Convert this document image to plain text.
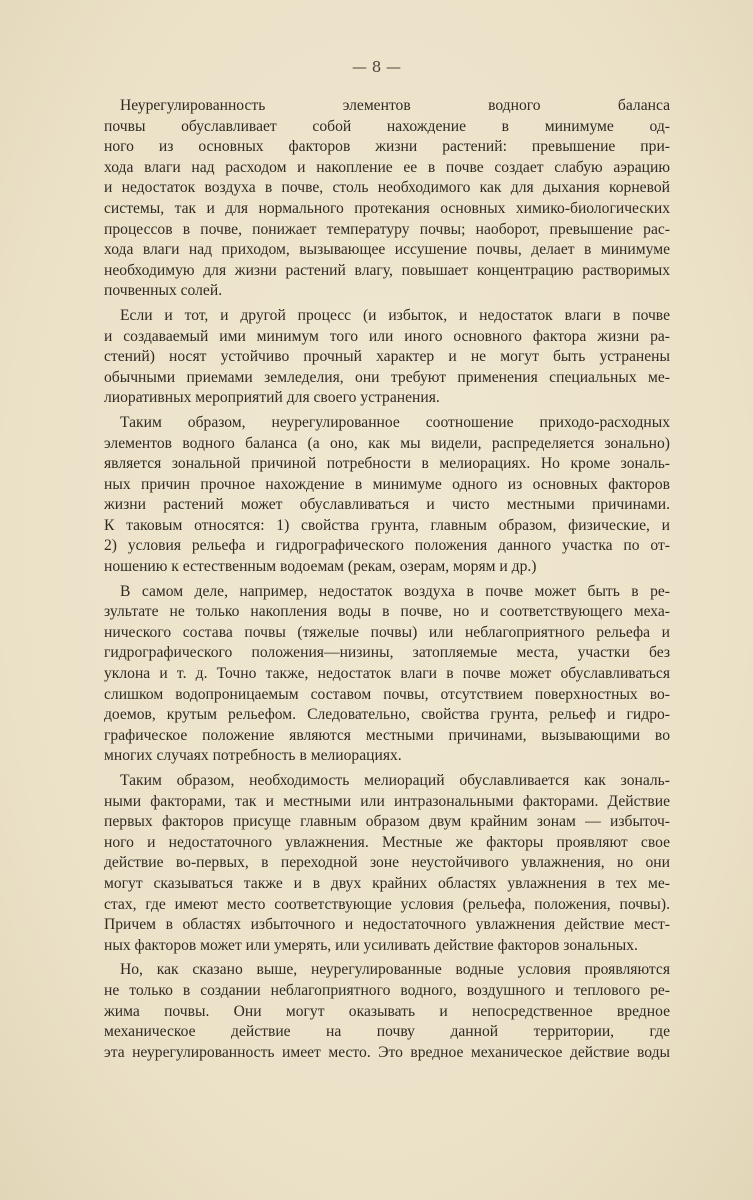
— 8 —
Неурегулированность элементов водного баланса
почвы обуславливает собой нахождение в минимуме од-
ного из основных факторов жизни растений: превышение при-
хода влаги над расходом и накопление ее в почве создает слабую аэрацию
и недостаток воздуха в почве, столь необходимого как для дыхания корневой
системы, так и для нормального протекания основных химико-биологических
процессов в почве, понижает температуру почвы; наоборот, превышение рас-
хода влаги над приходом, вызывающее иссушение почвы, делает в минимуме
необходимую для жизни растений влагу, повышает концентрацию растворимых
почвенных солей.
Если и тот, и другой процесс (и избыток, и недостаток влаги в почве
и создаваемый ими минимум того или иного основного фактора жизни ра-
стений) носят устойчиво прочный характер и не могут быть устранены
обычными приемами земледелия, они требуют применения специальных ме-
лиоративных мероприятий для своего устранения.
Таким образом, неурегулированное соотношение приходо-расходных
элементов водного баланса (а оно, как мы видели, распределяется зонально)
является зональной причиной потребности в мелиорациях. Но кроме зональ-
ных причин прочное нахождение в минимуме одного из основных факторов
жизни растений может обуславливаться и чисто местными причинами.
К таковым относятся: 1) свойства грунта, главным образом, физические, и
2) условия рельефа и гидрографического положения данного участка по от-
ношению к естественным водоемам (рекам, озерам, морям и др.)
В самом деле, например, недостаток воздуха в почве может быть в ре-
зультате не только накопления воды в почве, но и соответствующего меха-
нического состава почвы (тяжелые почвы) или неблагоприятного рельефа и
гидрографического положения—низины, затопляемые места, участки без
уклона и т. д. Точно также, недостаток влаги в почве может обуславливаться
слишком водопроницаемым составом почвы, отсутствием поверхностных во-
доемов, крутым рельефом. Следовательно, свойства грунта, рельеф и гидро-
графическое положение являются местными причинами, вызывающими во
многих случаях потребность в мелиорациях.
Таким образом, необходимость мелиораций обуславливается как зональ-
ными факторами, так и местными или интразональными факторами. Действие
первых факторов присуще главным образом двум крайним зонам — избыточ-
ного и недостаточного увлажнения. Местные же факторы проявляют свое
действие во-первых, в переходной зоне неустойчивого увлажнения, но они
могут сказываться также и в двух крайних областях увлажнения в тех ме-
стах, где имеют место соответствующие условия (рельефа, положения, почвы).
Причем в областях избыточного и недостаточного увлажнения действие мест-
ных факторов может или умерять, или усиливать действие факторов зональных.
Но, как сказано выше, неурегулированные водные условия проявляются
не только в создании неблагоприятного водного, воздушного и теплового ре-
жима почвы. Они могут оказывать и непосредственное вредное
механическое действие на почву данной территории, где
эта неурегулированность имеет место. Это вредное механическое действие воды
